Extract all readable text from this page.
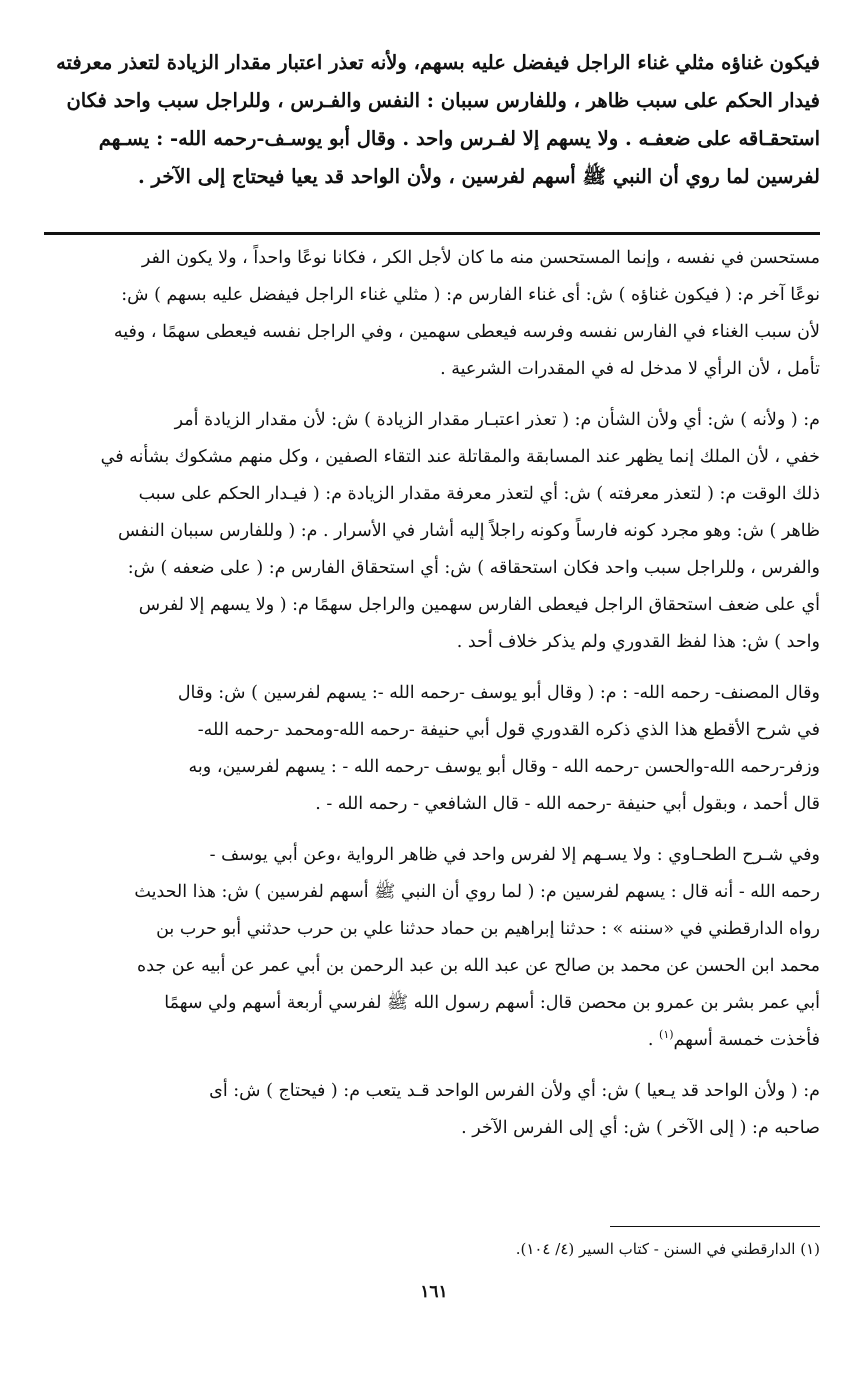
فيكون غناؤه مثلي غناء الراجل فيفضل عليه بسهم، ولأنه تعذر اعتبار مقدار الزيادة لتعذر معرفته
فيدار الحكم على سبب ظاهر ، وللفارس سببان : النفس والفـرس ، وللراجل سبب واحد فكان
استحقـاقه على ضعفـه . ولا يسهم إلا لفـرس واحد . وقال أبو يوسـف-رحمه الله- : يسـهم
لفرسين لما روي أن النبي ﷺ أسهم لفرسين ، ولأن الواحد قد يعيا فيحتاج إلى الآخر .
مستحسن في نفسه ، وإنما المستحسن منه ما كان لأجل الكر ، فكانا نوعًا واحداً ، ولا يكون الفر
نوعًا آخر م: ( فيكون غناؤه ) ش: أى غناء الفارس م: ( مثلي غناء الراجل فيفضل عليه بسهم ) ش:
لأن سبب الغناء في الفارس نفسه وفرسه فيعطى سهمين ، وفي الراجل نفسه فيعطى سهمًا ، وفيه
تأمل ، لأن الرأي لا مدخل له في المقدرات الشرعية .
م: ( ولأنه ) ش: أي ولأن الشأن م: ( تعذر اعتبـار مقدار الزيادة ) ش: لأن مقدار الزيادة أمر
خفي ، لأن الملك إنما يظهر عند المسابقة والمقاتلة عند التقاء الصفين ، وكل منهم مشكوك بشأنه في
ذلك الوقت م: ( لتعذر معرفته ) ش: أي لتعذر معرفة مقدار الزيادة م: ( فيـدار الحكم على سبب
ظاهر ) ش: وهو مجرد كونه فارساً وكونه راجلاً إليه أشار في الأسرار . م: ( وللفارس سببان النفس
والفرس ، وللراجل سبب واحد فكان استحقاقه ) ش: أي استحقاق الفارس م: ( على ضعفه ) ش:
أي على ضعف استحقاق الراجل فيعطى الفارس سهمين والراجل سهمًا م: ( ولا يسهم إلا لفرس
واحد ) ش: هذا لفظ القدوري ولم يذكر خلاف أحد .
وقال المصنف- رحمه الله- : م: ( وقال أبو يوسف -رحمه الله -: يسهم لفرسين ) ش: وقال
في شرح الأقطع هذا الذي ذكره القدوري قول أبي حنيفة -رحمه الله-ومحمد -رحمه الله-
وزفر-رحمه الله-والحسن -رحمه الله - وقال أبو يوسف -رحمه الله - : يسهم لفرسين، وبه
قال أحمد ، وبقول أبي حنيفة -رحمه الله - قال الشافعي - رحمه الله - .
وفي شـرح الطحـاوي : ولا يسـهم إلا لفرس واحد في ظاهر الرواية ،وعن أبي يوسف -
رحمه الله - أنه قال : يسهم لفرسين م: ( لما روي أن النبي ﷺ أسهم لفرسين ) ش: هذا الحديث
رواه الدارقطني في «سننه » : حدثنا إبراهيم بن حماد حدثنا علي بن حرب حدثني أبو حرب بن
محمد ابن الحسن عن محمد بن صالح عن عبد الله بن عبد الرحمن بن أبي عمر عن أبيه عن جده
أبي عمر بشر بن عمرو بن محصن قال: أسهم رسول الله ﷺ لفرسي أربعة أسهم ولي سهمًا
فأخذت خمسة أسهم$^{(١)}$ .
م: ( ولأن الواحد قد يـعيا ) ش: أي ولأن الفرس الواحد قـد يتعب م: ( فيحتاج ) ش: أى
صاحبه م: ( إلى الآخر ) ش: أي إلى الفرس الآخر .
(١) الدارقطني في السنن - كتاب السير (٤/ ١٠٤).
١٦١
